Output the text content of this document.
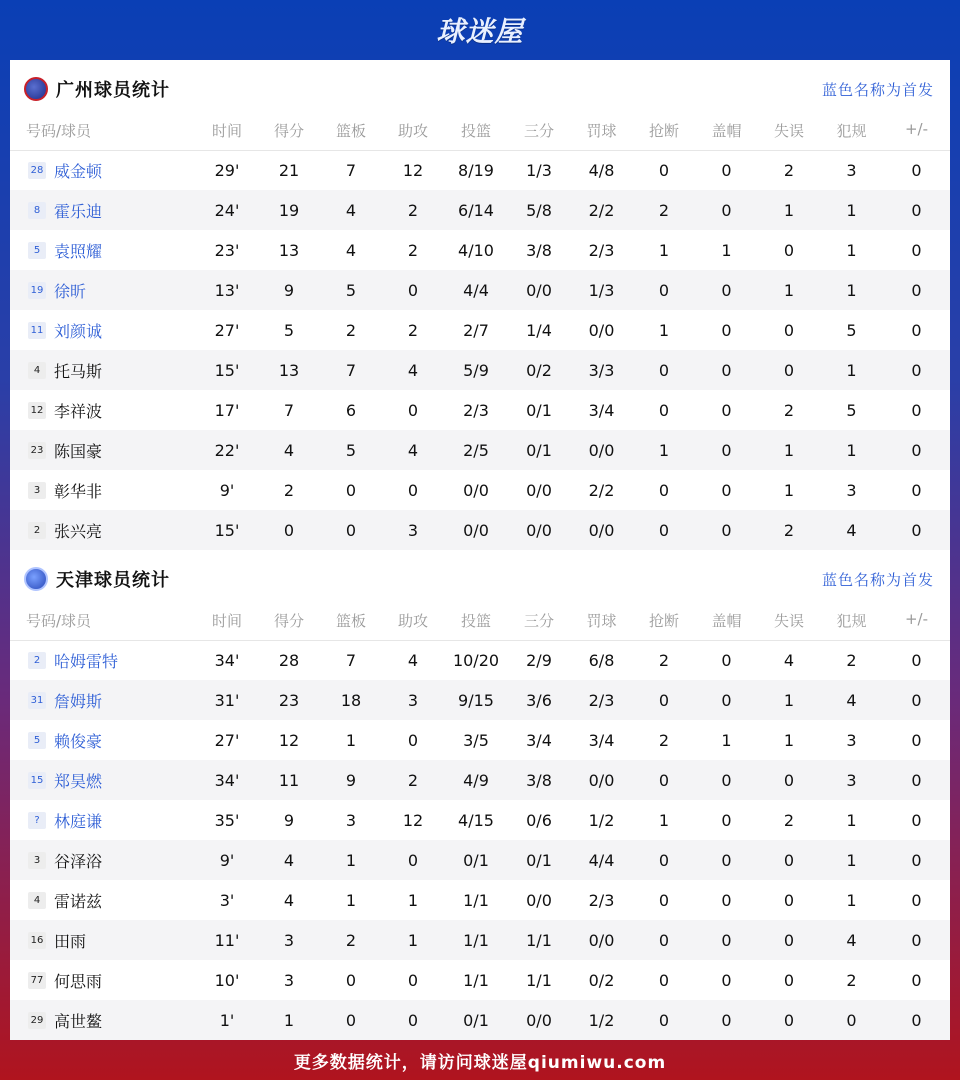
球迷屋
广州球员统计	蓝色名称为首发
号码/球员	时间	得分	篮板	助攻	投篮	三分	罚球	抢断	盖帽	失误	犯规	+/-
28 威金顿	29'	21	7	12	8/19	1/3	4/8	0	0	2	3	0
8 霍乐迪	24'	19	4	2	6/14	5/8	2/2	2	0	1	1	0
5 袁照耀	23'	13	4	2	4/10	3/8	2/3	1	1	0	1	0
19 徐昕	13'	9	5	0	4/4	0/0	1/3	0	0	1	1	0
11 刘颜诚	27'	5	2	2	2/7	1/4	0/0	1	0	0	5	0
4 托马斯	15'	13	7	4	5/9	0/2	3/3	0	0	0	1	0
12 李祥波	17'	7	6	0	2/3	0/1	3/4	0	0	2	5	0
23 陈国豪	22'	4	5	4	2/5	0/1	0/0	1	0	1	1	0
3 彰华非	9'	2	0	0	0/0	0/0	2/2	0	0	1	3	0
2 张兴亮	15'	0	0	3	0/0	0/0	0/0	0	0	2	4	0
天津球员统计	蓝色名称为首发
号码/球员	时间	得分	篮板	助攻	投篮	三分	罚球	抢断	盖帽	失误	犯规	+/-
2 哈姆雷特	34'	28	7	4	10/20	2/9	6/8	2	0	4	2	0
31 詹姆斯	31'	23	18	3	9/15	3/6	2/3	0	0	1	4	0
5 赖俊豪	27'	12	1	0	3/5	3/4	3/4	2	1	1	3	0
15 郑昊燃	34'	11	9	2	4/9	3/8	0/0	0	0	0	3	0
? 林庭谦	35'	9	3	12	4/15	0/6	1/2	1	0	2	1	0
3 谷泽浴	9'	4	1	0	0/1	0/1	4/4	0	0	0	1	0
4 雷诺兹	3'	4	1	1	1/1	0/0	2/3	0	0	0	1	0
16 田雨	11'	3	2	1	1/1	1/1	0/0	0	0	0	4	0
77 何思雨	10'	3	0	0	1/1	1/1	0/2	0	0	0	2	0
29 高世鳌	1'	1	0	0	0/1	0/0	1/2	0	0	0	0	0
更多数据统计，请访问球迷屋qiumiwu.com
